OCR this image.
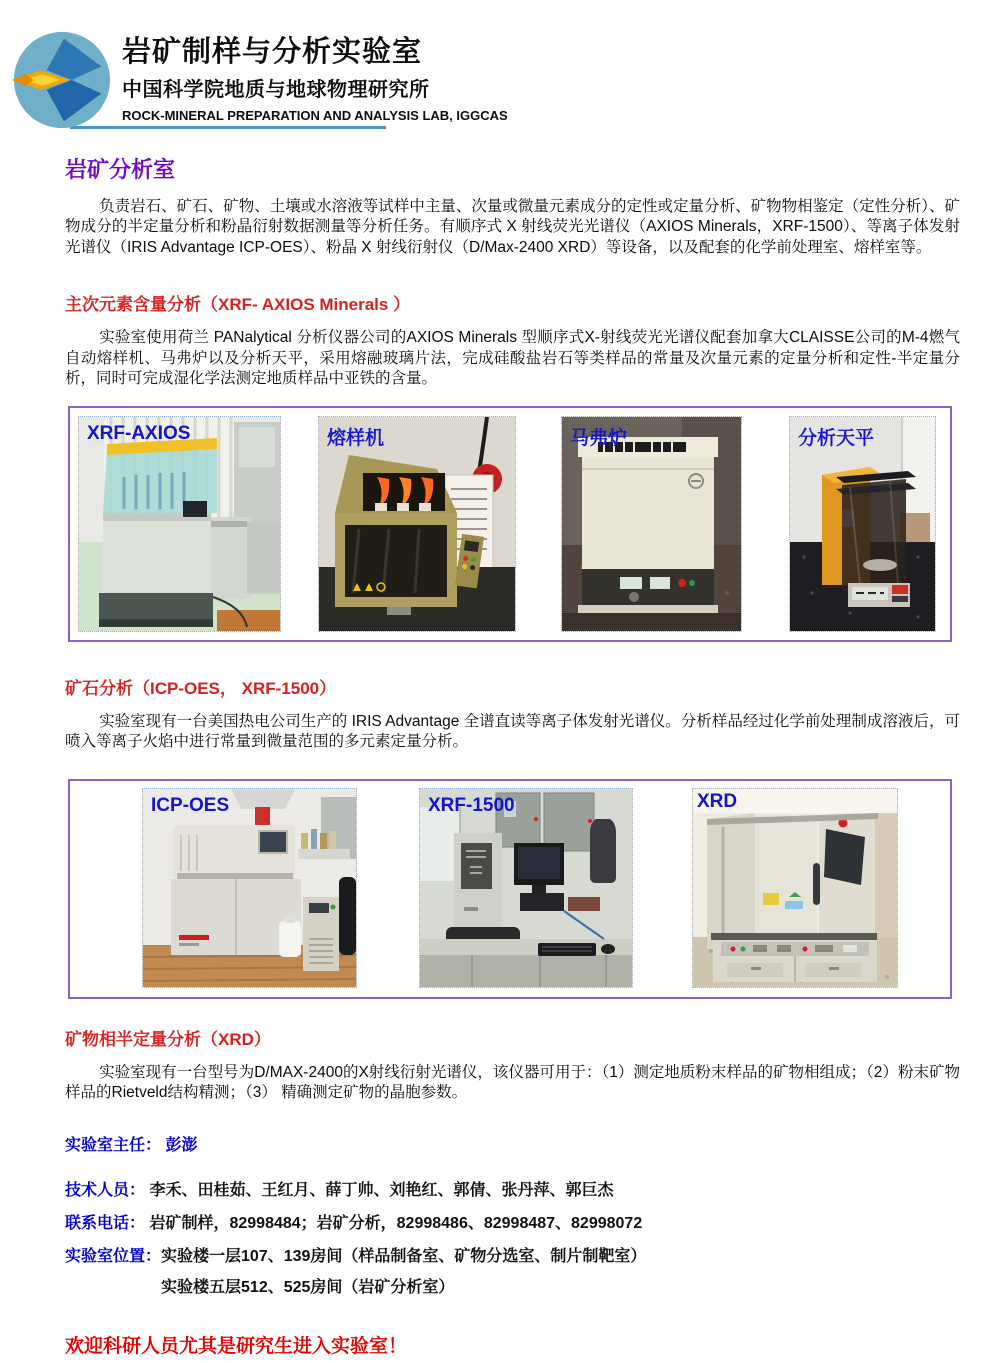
岩矿制样与分析实验室
中国科学院地质与地球物理研究所
ROCK-MINERAL PREPARATION AND ANALYSIS LAB, IGGCAS
岩矿分析室

负责岩石、矿石、矿物、土壤或水溶液等试样中主量、次量或微量元素成分的定性或定量分析、矿物物相鉴定（定性分析）、矿物成分的半定量分析和粉晶衍射数据测量等分析任务。有顺序式 X 射线荧光光谱仪（AXIOS Minerals，XRF-1500）、等离子体发射光谱仪（IRIS Advantage ICP-OES）、粉晶 X 射线衍射仪（D/Max-2400 XRD）等设备，以及配套的化学前处理室、熔样室等。

主次元素含量分析（XRF- AXIOS Minerals ）

实验室使用荷兰 PANalytical 分析仪器公司的AXIOS Minerals 型顺序式X-射线荧光光谱仪配套加拿大CLAISSE公司的M-4燃气自动熔样机、马弗炉以及分析天平，采用熔融玻璃片法，完成硅酸盐岩石等类样品的常量及次量元素的定量分析和定性-半定量分析，同时可完成湿化学法测定地质样品中亚铁的含量。

XRF-AXIOS	熔样机	马弗炉	分析天平
矿石分析（ICP-OES， XRF-1500）

实验室现有一台美国热电公司生产的 IRIS Advantage 全谱直读等离子体发射光谱仪。分析样品经过化学前处理制成溶液后，可喷入等离子火焰中进行常量到微量范围的多元素定量分析。

ICP-OES	XRF-1500	XRD
矿物相半定量分析（XRD）

实验室现有一台型号为D/MAX-2400的X射线衍射光谱仪，该仪器可用于：（1）测定地质粉末样品的矿物相组成；（2）粉末矿物样品的Rietveld结构精测；（3） 精确测定矿物的晶胞参数。

实验室主任： 彭澎
技术人员： 李禾、田桂茹、王红月、薛丁帅、刘艳红、郭倩、张丹萍、郭巨杰
联系电话： 岩矿制样，82998484；岩矿分析，82998486、82998487、82998072
实验室位置： 实验楼一层107、139房间（样品制备室、矿物分选室、制片制靶室）
实验楼五层512、525房间（岩矿分析室）
欢迎科研人员尤其是研究生进入实验室！
